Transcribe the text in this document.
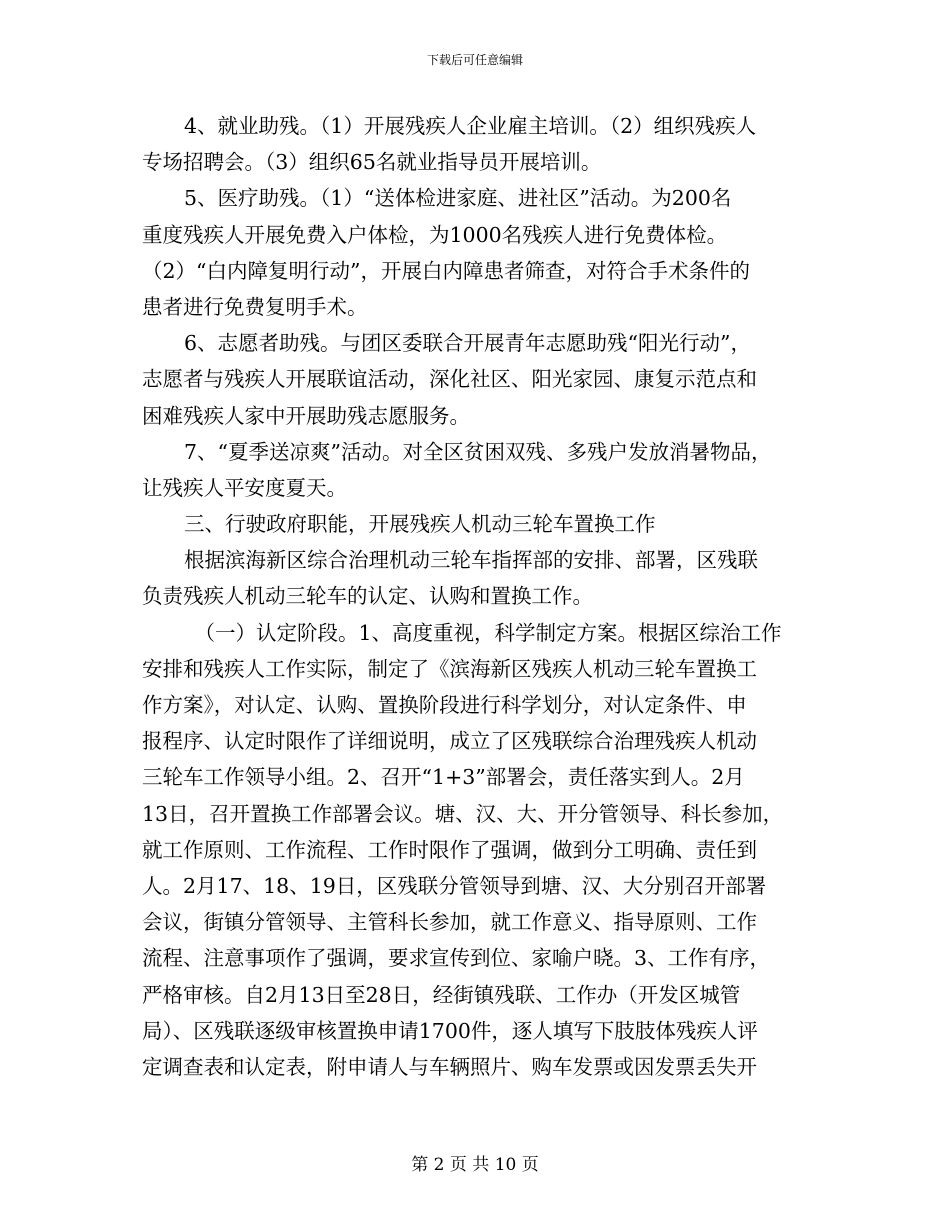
下载后可任意编辑
4、就业助残。（1）开展残疾人企业雇主培训。（2）组织残疾人
专场招聘会。（3）组织65名就业指导员开展培训。
5、医疗助残。（1）“送体检进家庭、进社区”活动。为200名
重度残疾人开展免费入户体检，为1000名残疾人进行免费体检。
（2）“白内障复明行动”，开展白内障患者筛查，对符合手术条件的
患者进行免费复明手术。
6、志愿者助残。与团区委联合开展青年志愿助残“阳光行动”，
志愿者与残疾人开展联谊活动，深化社区、阳光家园、康复示范点和
困难残疾人家中开展助残志愿服务。
7、“夏季送凉爽”活动。对全区贫困双残、多残户发放消暑物品，
让残疾人平安度夏天。
三、行驶政府职能，开展残疾人机动三轮车置换工作
根据滨海新区综合治理机动三轮车指挥部的安排、部署，区残联
负责残疾人机动三轮车的认定、认购和置换工作。
（一）认定阶段。1、高度重视，科学制定方案。根据区综治工作
安排和残疾人工作实际，制定了《滨海新区残疾人机动三轮车置换工
作方案》，对认定、认购、置换阶段进行科学划分，对认定条件、申
报程序、认定时限作了详细说明，成立了区残联综合治理残疾人机动
三轮车工作领导小组。2、召开“1+3”部署会，责任落实到人。2月
13日，召开置换工作部署会议。塘、汉、大、开分管领导、科长参加，
就工作原则、工作流程、工作时限作了强调，做到分工明确、责任到
人。2月17、18、19日，区残联分管领导到塘、汉、大分别召开部署
会议，街镇分管领导、主管科长参加，就工作意义、指导原则、工作
流程、注意事项作了强调，要求宣传到位、家喻户晓。3、工作有序，
严格审核。自2月13日至28日，经街镇残联、工作办（开发区城管
局）、区残联逐级审核置换申请1700件，逐人填写下肢肢体残疾人评
定调查表和认定表，附申请人与车辆照片、购车发票或因发票丢失开
第 2 页 共 10 页
